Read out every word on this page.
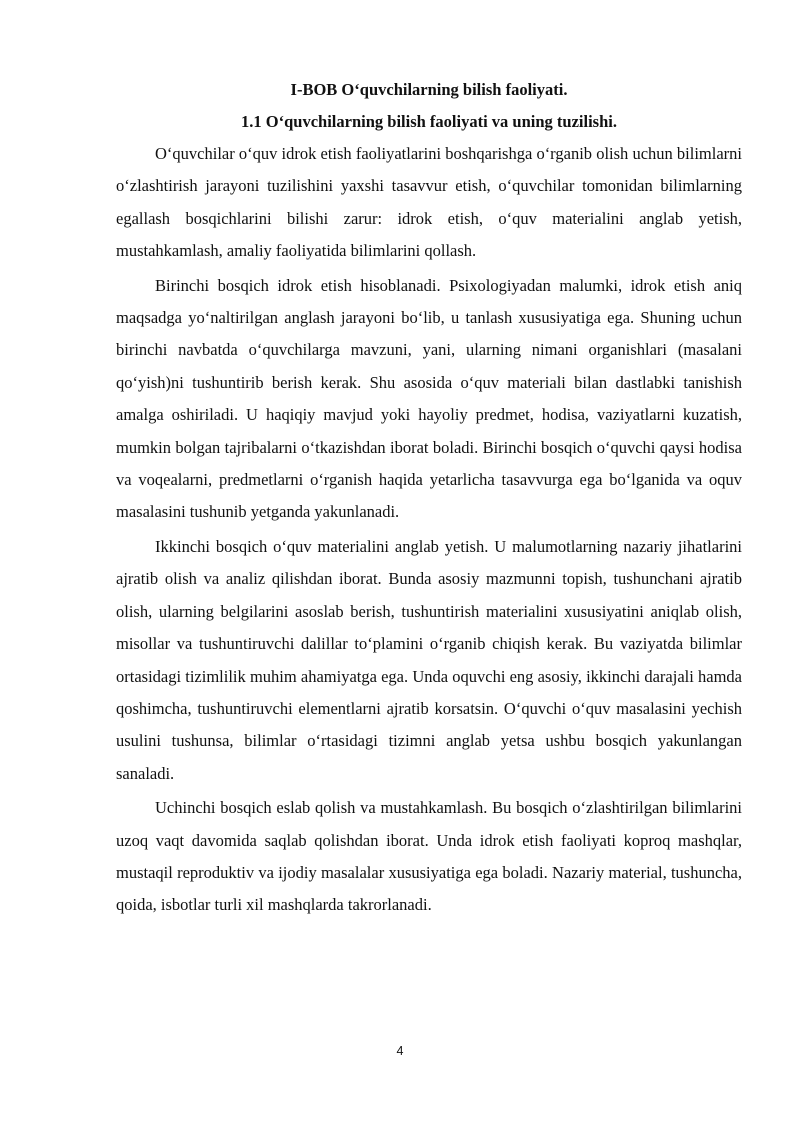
I-BOB O‘quvchilarning bilish faoliyati.

1.1 O‘quvchilarning bilish faoliyati va uning tuzilishi.

O‘quvchilar o‘quv idrok etish faoliyatlarini boshqarishga o‘rganib olish uchun bilimlarni o‘zlashtirish jarayoni tuzilishini yaxshi tasavvur etish, o‘quvchilar tomonidan bilimlarning egallash bosqichlarini bilishi zarur: idrok etish, o‘quv materialini anglab yetish, mustahkamlash, amaliy faoliyatida bilimlarini qollash.

Birinchi bosqich idrok etish hisoblanadi. Psixologiyadan malumki, idrok etish aniq maqsadga yo‘naltirilgan anglash jarayoni bo‘lib, u tanlash xususiyatiga ega. Shuning uchun birinchi navbatda o‘quvchilarga mavzuni, yani, ularning nimani organishlari (masalani qo‘yish)ni tushuntirib berish kerak. Shu asosida o‘quv materiali bilan dastlabki tanishish amalga oshiriladi. U haqiqiy mavjud yoki hayoliy predmet, hodisa, vaziyatlarni kuzatish, mumkin bolgan tajribalarni o‘tkazishdan iborat boladi. Birinchi bosqich o‘quvchi qaysi hodisa va voqealarni, predmetlarni o‘rganish haqida yetarlicha tasavvurga ega bo‘lganida va oquv masalasini tushunib yetganda yakunlanadi.

Ikkinchi bosqich o‘quv materialini anglab yetish. U malumotlarning nazariy jihatlarini ajratib olish va analiz qilishdan iborat. Bunda asosiy mazmunni topish, tushunchani ajratib olish, ularning belgilarini asoslab berish, tushuntirish materialini xususiyatini aniqlab olish, misollar va tushuntiruvchi dalillar to‘plamini o‘rganib chiqish kerak. Bu vaziyatda bilimlar ortasidagi tizimlilik muhim ahamiyatga ega. Unda oquvchi eng asosiy, ikkinchi darajali hamda qoshimcha, tushuntiruvchi elementlarni ajratib korsatsin. O‘quvchi o‘quv masalasini yechish usulini tushunsa, bilimlar o‘rtasidagi tizimni anglab yetsa ushbu bosqich yakunlangan sanaladi.

Uchinchi bosqich eslab qolish va mustahkamlash. Bu bosqich o‘zlashtirilgan bilimlarini uzoq vaqt davomida saqlab qolishdan iborat. Unda idrok etish faoliyati koproq mashqlar, mustaqil reproduktiv va ijodiy masalalar xususiyatiga ega boladi. Nazariy material, tushuncha, qoida, isbotlar turli xil mashqlarda takrorlanadi.

4
